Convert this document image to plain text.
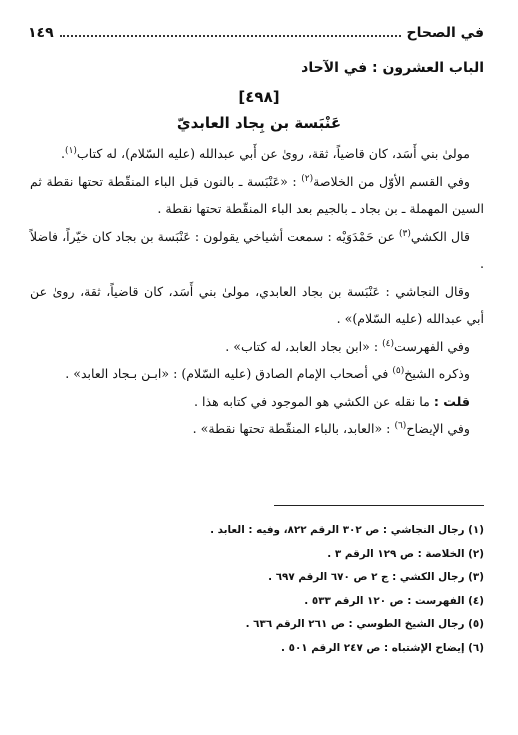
في الصحاح
١٤٩
الباب العشرون : في الآحاد
[٤٩٨]
عَنْبَسة بن بِجاد العابديّ

مولىٰ بني أَسَد، كان قاضياً، ثقة، روىٰ عن أَبي عبدالله (عليه السّلام)، له كتاب$^{(١)}$.

وفي القسم الأوّل من الخلاصة$^{(٢)}$ : «عَنْبَسة ـ بالنون قبل الباء المنقّطة تحتها نقطة ثم السين المهملة ـ بن بجاد ـ بالجيم بعد الباء المنقّطة تحتها نقطة .

قال الكشي$^{(٣)}$ عن حَمْدَوَيْه : سمعت أشياخي يقولون : عَنْبَسة بن بجاد كان خيّراً، فاضلاً .

وقال النجاشي : عَنْبَسة بن بجاد العابدي، مولىٰ بني أَسَد، كان قاضياً، ثقة، روىٰ عن أبي عبدالله (عليه السّلام)» .

وفي الفهرست$^{(٤)}$ : «ابن بجاد العابد، له كتاب» .

وذكره الشيخ$^{(٥)}$ في أصحاب الإمام الصادق (عليه السّلام) : «ابـن بـجاد العابد» .

قلت : ما نقله عن الكشي هو الموجود في كتابه هذا .

وفي الإيضاح$^{(٦)}$ : «العابد، بالباء المنقّطة تحتها نقطة» .

(١) رجال النجاشي : ص ٣٠٢ الرقم ٨٢٢، وفيه : العابد .
(٢) الخلاصة : ص ١٢٩ الرقم ٣ .
(٣) رجال الكشي : ج ٢ ص ٦٧٠ الرقم ٦٩٧ .
(٤) الفهرست : ص ١٢٠ الرقم ٥٣٣ .
(٥) رجال الشيخ الطوسي : ص ٢٦١ الرقم ٦٣٦ .
(٦) إيضاح الإشتباه : ص ٢٤٧ الرقم ٥٠١ .
